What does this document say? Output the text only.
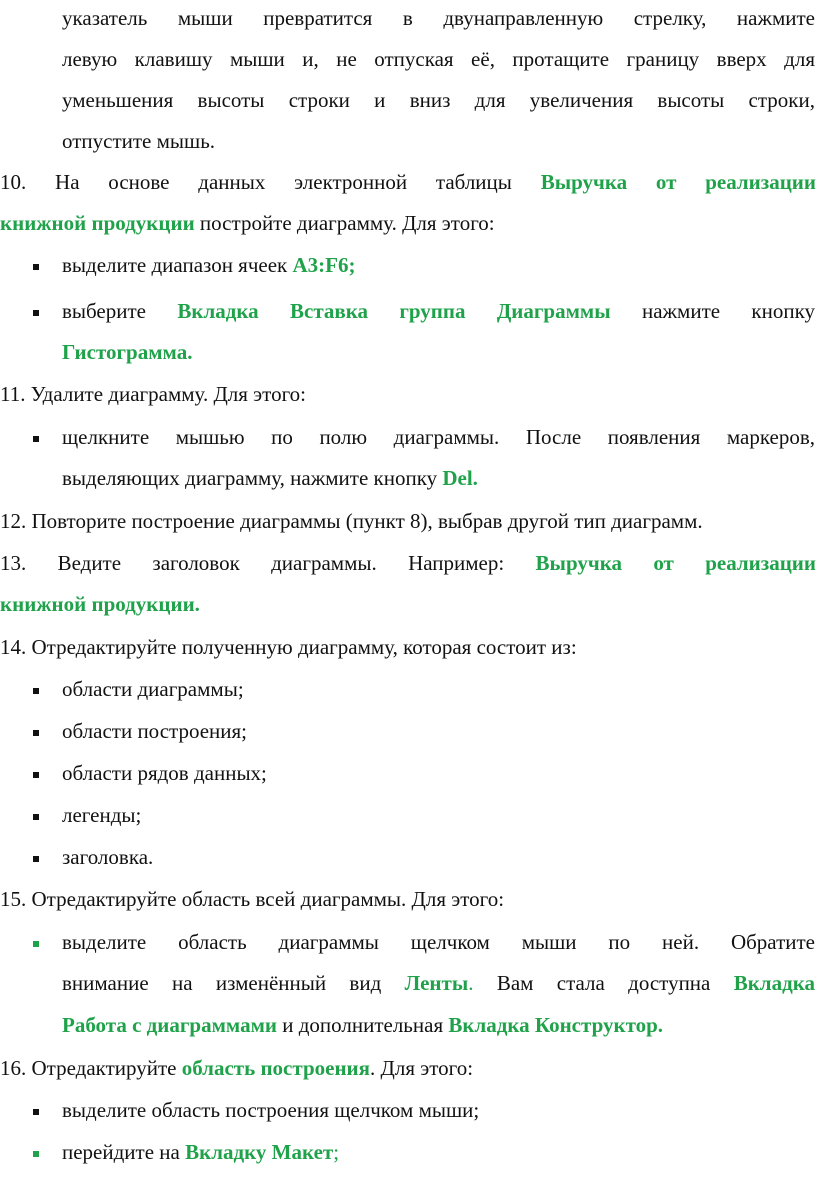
указатель мыши превратится в двунаправленную стрелку, нажмите
левую клавишу мыши и, не отпуская её, протащите границу вверх для
уменьшения высоты строки и вниз для увеличения высоты строки,
отпустите мышь.
10. На основе данных электронной таблицы Выручка от реализации
книжной продукции постройте диаграмму. Для этого:
выделите диапазон ячеек A3:F6;
выберите Вкладка Вставка группа Диаграммы нажмите кнопку
Гистограмма.
11. Удалите диаграмму. Для этого:
щелкните мышью по полю диаграммы. После появления маркеров,
выделяющих диаграмму, нажмите кнопку Del.
12. Повторите построение диаграммы (пункт 8), выбрав другой тип диаграмм.
13. Ведите заголовок диаграммы. Например: Выручка от реализации
книжной продукции.
14. Отредактируйте полученную диаграмму, которая состоит из:
области диаграммы;
области построения;
области рядов данных;
легенды;
заголовка.
15. Отредактируйте область всей диаграммы. Для этого:
выделите область диаграммы щелчком мыши по ней. Обратите
внимание на изменённый вид Ленты. Вам стала доступна Вкладка
Работа с диаграммами и дополнительная Вкладка Конструктор.
16. Отредактируйте область построения. Для этого:
выделите область построения щелчком мыши;
перейдите на Вкладку Макет;
